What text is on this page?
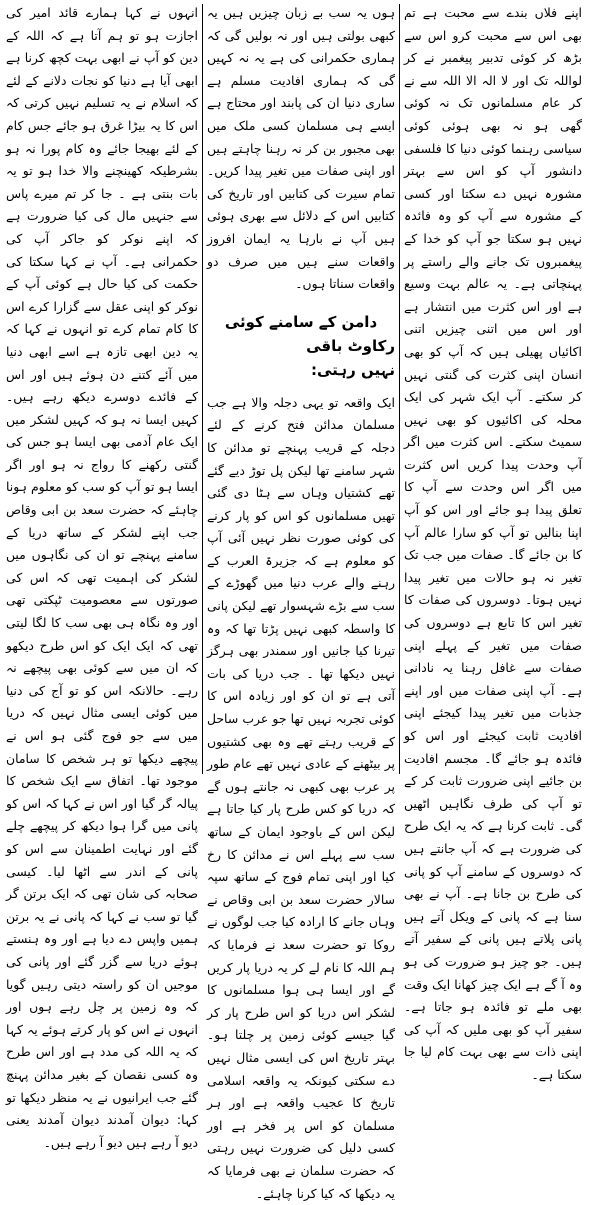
انہوں نے کہا ہمارے قائد امیر کی اجازت ہو تو ہم آتا ہے کہ اللہ کے دین کو آپ نے ابھی بہت کچھ کرنا ہے ابھی آیا ہے دنیا کو نجات دلانے کے لئے کہ اسلام نے یہ تسلیم نہیں کرتی کہ اس کا یہ بیڑا غرق ہو جائے جس کام کے لئے بھیجا جائے وہ کام پورا نہ ہو بشرطیکہ کھینچنے والا خدا ہو تو یہ بات بنتی ہے ۔ جا کر تم میرے پاس سے جنہیں مال کی کیا ضرورت ہے کہ اپنے نوکر کو جاکر آپ کی حکمرانی ہے۔ آپ نے کہا سکتا کی حکمت کی کیا حال ہے کوئی آپ کے نوکر کو اپنی عقل سے گزارا کرے اس کا کام تمام کرے تو انہوں نے کہا کہ یہ دین ابھی تازہ ہے اسے ابھی دنیا میں آئے کتنے دن ہوئے ہیں اور اس کے فائدے دوسرے دیکھ رہے ہیں۔ کہیں ایسا نہ ہو کہ کہیں لشکر میں ایک عام آدمی بھی ایسا ہو جس کی گنتی رکھنے کا رواج نہ ہو اور اگر ایسا ہو تو آپ کو سب کو معلوم ہونا چاہئے کہ حضرت سعد بن ابی وقاص جب اپنے لشکر کے ساتھ دریا کے سامنے پہنچے تو ان کی نگاہوں میں لشکر کی اہمیت تھی کہ اس کی صورتوں سے معصومیت ٹپکتی تھی اور وہ نگاہ ہی بھی سب کا لگا لیتی تھی کہ ایک ایک کو اس طرح دیکھو کہ ان میں سے کوئی بھی پیچھے نہ رہے۔ حالانکہ اس کو تو آج کی دنیا میں کوئی ایسی مثال نہیں کہ دریا میں سے جو فوج گئی ہو اس نے پیچھے دیکھا تو ہر شخص کا سامان موجود تھا۔ اتفاق سے ایک شخص کا پیالہ گر گیا اور اس نے کہا کہ اس کو پانی میں گرا ہوا دیکھ کر پیچھے چلے گئے اور نہایت اطمینان سے اس کو پانی کے اندر سے اٹھا لیا۔ کیسی صحابہ کی شان تھی کہ ایک برتن گر گیا تو سب نے کہا کہ پانی نے یہ برتن ہمیں واپس دے دیا ہے اور وہ ہنستے ہوئے دریا سے گزر گئے اور پانی کی موجیں ان کو راستہ دیتی رہیں گویا کہ وہ زمین پر چل رہے ہوں اور انہوں نے اس کو پار کرتے ہوئے یہ کہا کہ یہ اللہ کی مدد ہے اور اس طرح وہ کسی نقصان کے بغیر مدائن پہنچ گئے جب ایرانیوں نے یہ منظر دیکھا تو کہا: دیوان آمدند دیوان آمدند یعنی دیو آ رہے ہیں دیو آ رہے ہیں۔

ہوں یہ سب بے زبان چیزیں ہیں یہ کبھی بولتی ہیں اور نہ بولیں گی کہ ہماری حکمرانی کی ہے یہ نہ کہیں گی کہ ہماری افادیت مسلم ہے ساری دنیا ان کی پابند اور محتاج ہے ایسے ہی مسلمان کسی ملک میں بھی مجبور بن کر نہ رہنا چاہتے ہیں اور اپنی صفات میں تغیر پیدا کریں۔ تمام سیرت کی کتابیں اور تاریخ کی کتابیں اس کے دلائل سے بھری ہوئی ہیں آپ نے بارہا یہ ایمان افروز واقعات سنے ہیں میں صرف دو واقعات سناتا ہوں۔

دامن کے سامنے کوئی رکاوٹ باقی
نہیں رہتی:

ایک واقعہ تو یہی دجلہ والا ہے جب مسلمان مدائن فتح کرنے کے لئے دجلہ کے قریب پہنچے تو مدائن کا شہر سامنے تھا لیکن پل توڑ دیے گئے تھے کشتیاں وہاں سے ہٹا دی گئی تھیں مسلمانوں کو اس کو پار کرنے کی کوئی صورت نظر نہیں آئی آپ کو معلوم ہے کہ جزیرۃ العرب کے رہنے والے عرب دنیا میں گھوڑے کے سب سے بڑے شہسوار تھے لیکن پانی کا واسطہ کبھی نہیں پڑتا تھا کہ وہ تیرنا کیا جانیں اور سمندر بھی ہرگز نہیں دیکھا تھا ۔ جب دریا کی بات آتی ہے تو ان کو اور زیادہ اس کا کوئی تجربہ نہیں تھا جو عرب ساحل کے قریب رہتے تھے وہ بھی کشتیوں پر بیٹھنے کے عادی نہیں تھے عام طور پر عرب بھی کبھی نہ جانتے ہوں گے کہ دریا کو کس طرح پار کیا جاتا ہے لیکن اس کے باوجود ایمان کے ساتھ سب سے پہلے اس نے مدائن کا رخ کیا اور اپنی تمام فوج کے ساتھ سپہ سالار حضرت سعد بن ابی وقاص نے وہاں جانے کا ارادہ کیا جب لوگوں نے روکا تو حضرت سعد نے فرمایا کہ ہم اللہ کا نام لے کر یہ دریا پار کریں گے اور ایسا ہی ہوا مسلمانوں کا لشکر اس دریا کو اس طرح پار کر گیا جیسے کوئی زمین پر چلتا ہو۔ بہتر تاریخ اس کی ایسی مثال نہیں دے سکتی کیونکہ یہ واقعہ اسلامی تاریخ کا عجیب واقعہ ہے اور ہر مسلمان کو اس پر فخر ہے اور کسی دلیل کی ضرورت نہیں رہتی کہ حضرت سلمان نے بھی فرمایا کہ یہ دیکھا کہ کیا کرنا چاہئے۔

اپنے فلاں بندے سے محبت ہے تم بھی اس سے محبت کرو اس سے بڑھ کر کوئی تدبیر پیغمبر نے کر لواللہ تک اور لا الہ الا اللہ سے نے کر عام مسلمانوں تک نہ کوئی گھی ہو نہ بھی ہوئی کوئی سیاسی رہنما کوئی دنیا کا فلسفی دانشور آپ کو اس سے بہتر مشورہ نہیں دے سکتا اور کسی کے مشورہ سے آپ کو وہ فائدہ نہیں ہو سکتا جو آپ کو خدا کے پیغمبروں تک جانے والے راستے پر پہنچاتی ہے۔ یہ عالم بہت وسیع ہے اور اس کثرت میں انتشار ہے اور اس میں اتنی چیزیں اتنی اکائیاں پھیلی ہیں کہ آپ کو بھی انسان اپنی کثرت کی گنتی نہیں کر سکتے۔ آپ ایک شہر کی ایک محلہ کی اکائیوں کو بھی نہیں سمیٹ سکتے۔ اس کثرت میں اگر آپ وحدت پیدا کریں اس کثرت میں اگر اس وحدت سے آپ کا تعلق پیدا ہو جائے اور اس کو آپ اپنا بنالیں تو آپ کو سارا عالم آپ کا بن جائے گا۔ صفات میں جب تک تغیر نہ ہو حالات میں تغیر پیدا نہیں ہوتا۔ دوسروں کی صفات کا تغیر اس کا تابع ہے دوسروں کی صفات میں تغیر کے پہلے اپنی صفات سے غافل رہنا یہ نادانی ہے۔ آپ اپنی صفات میں اور اپنے جذبات میں تغیر پیدا کیجئے اپنی افادیت ثابت کیجئے اور اس کو فائدہ ہو جائے گا۔ مجسم افادیت بن جائیے اپنی ضرورت ثابت کر کے تو آپ کی طرف نگاہیں اٹھیں گی۔ ثابت کرنا ہے کہ یہ ایک طرح کی ضرورت ہے کہ آپ جانتے ہیں کہ دوسروں کے سامنے آپ کو پانی کی طرح بن جانا ہے۔ آپ نے بھی سنا ہے کہ پانی کے ویکل آتے ہیں پانی پلاتے ہیں پانی کے سفیر آتے ہیں۔ جو چیز ہو ضرورت کی ہو وہ آ گے ہے ایک چیز کھانا ایک وقت بھی ملے تو فائدہ ہو جاتا ہے۔ سفیر آپ کو بھی ملیں کہ آپ کی اپنی ذات سے بھی بہت کام لیا جا سکتا ہے۔
